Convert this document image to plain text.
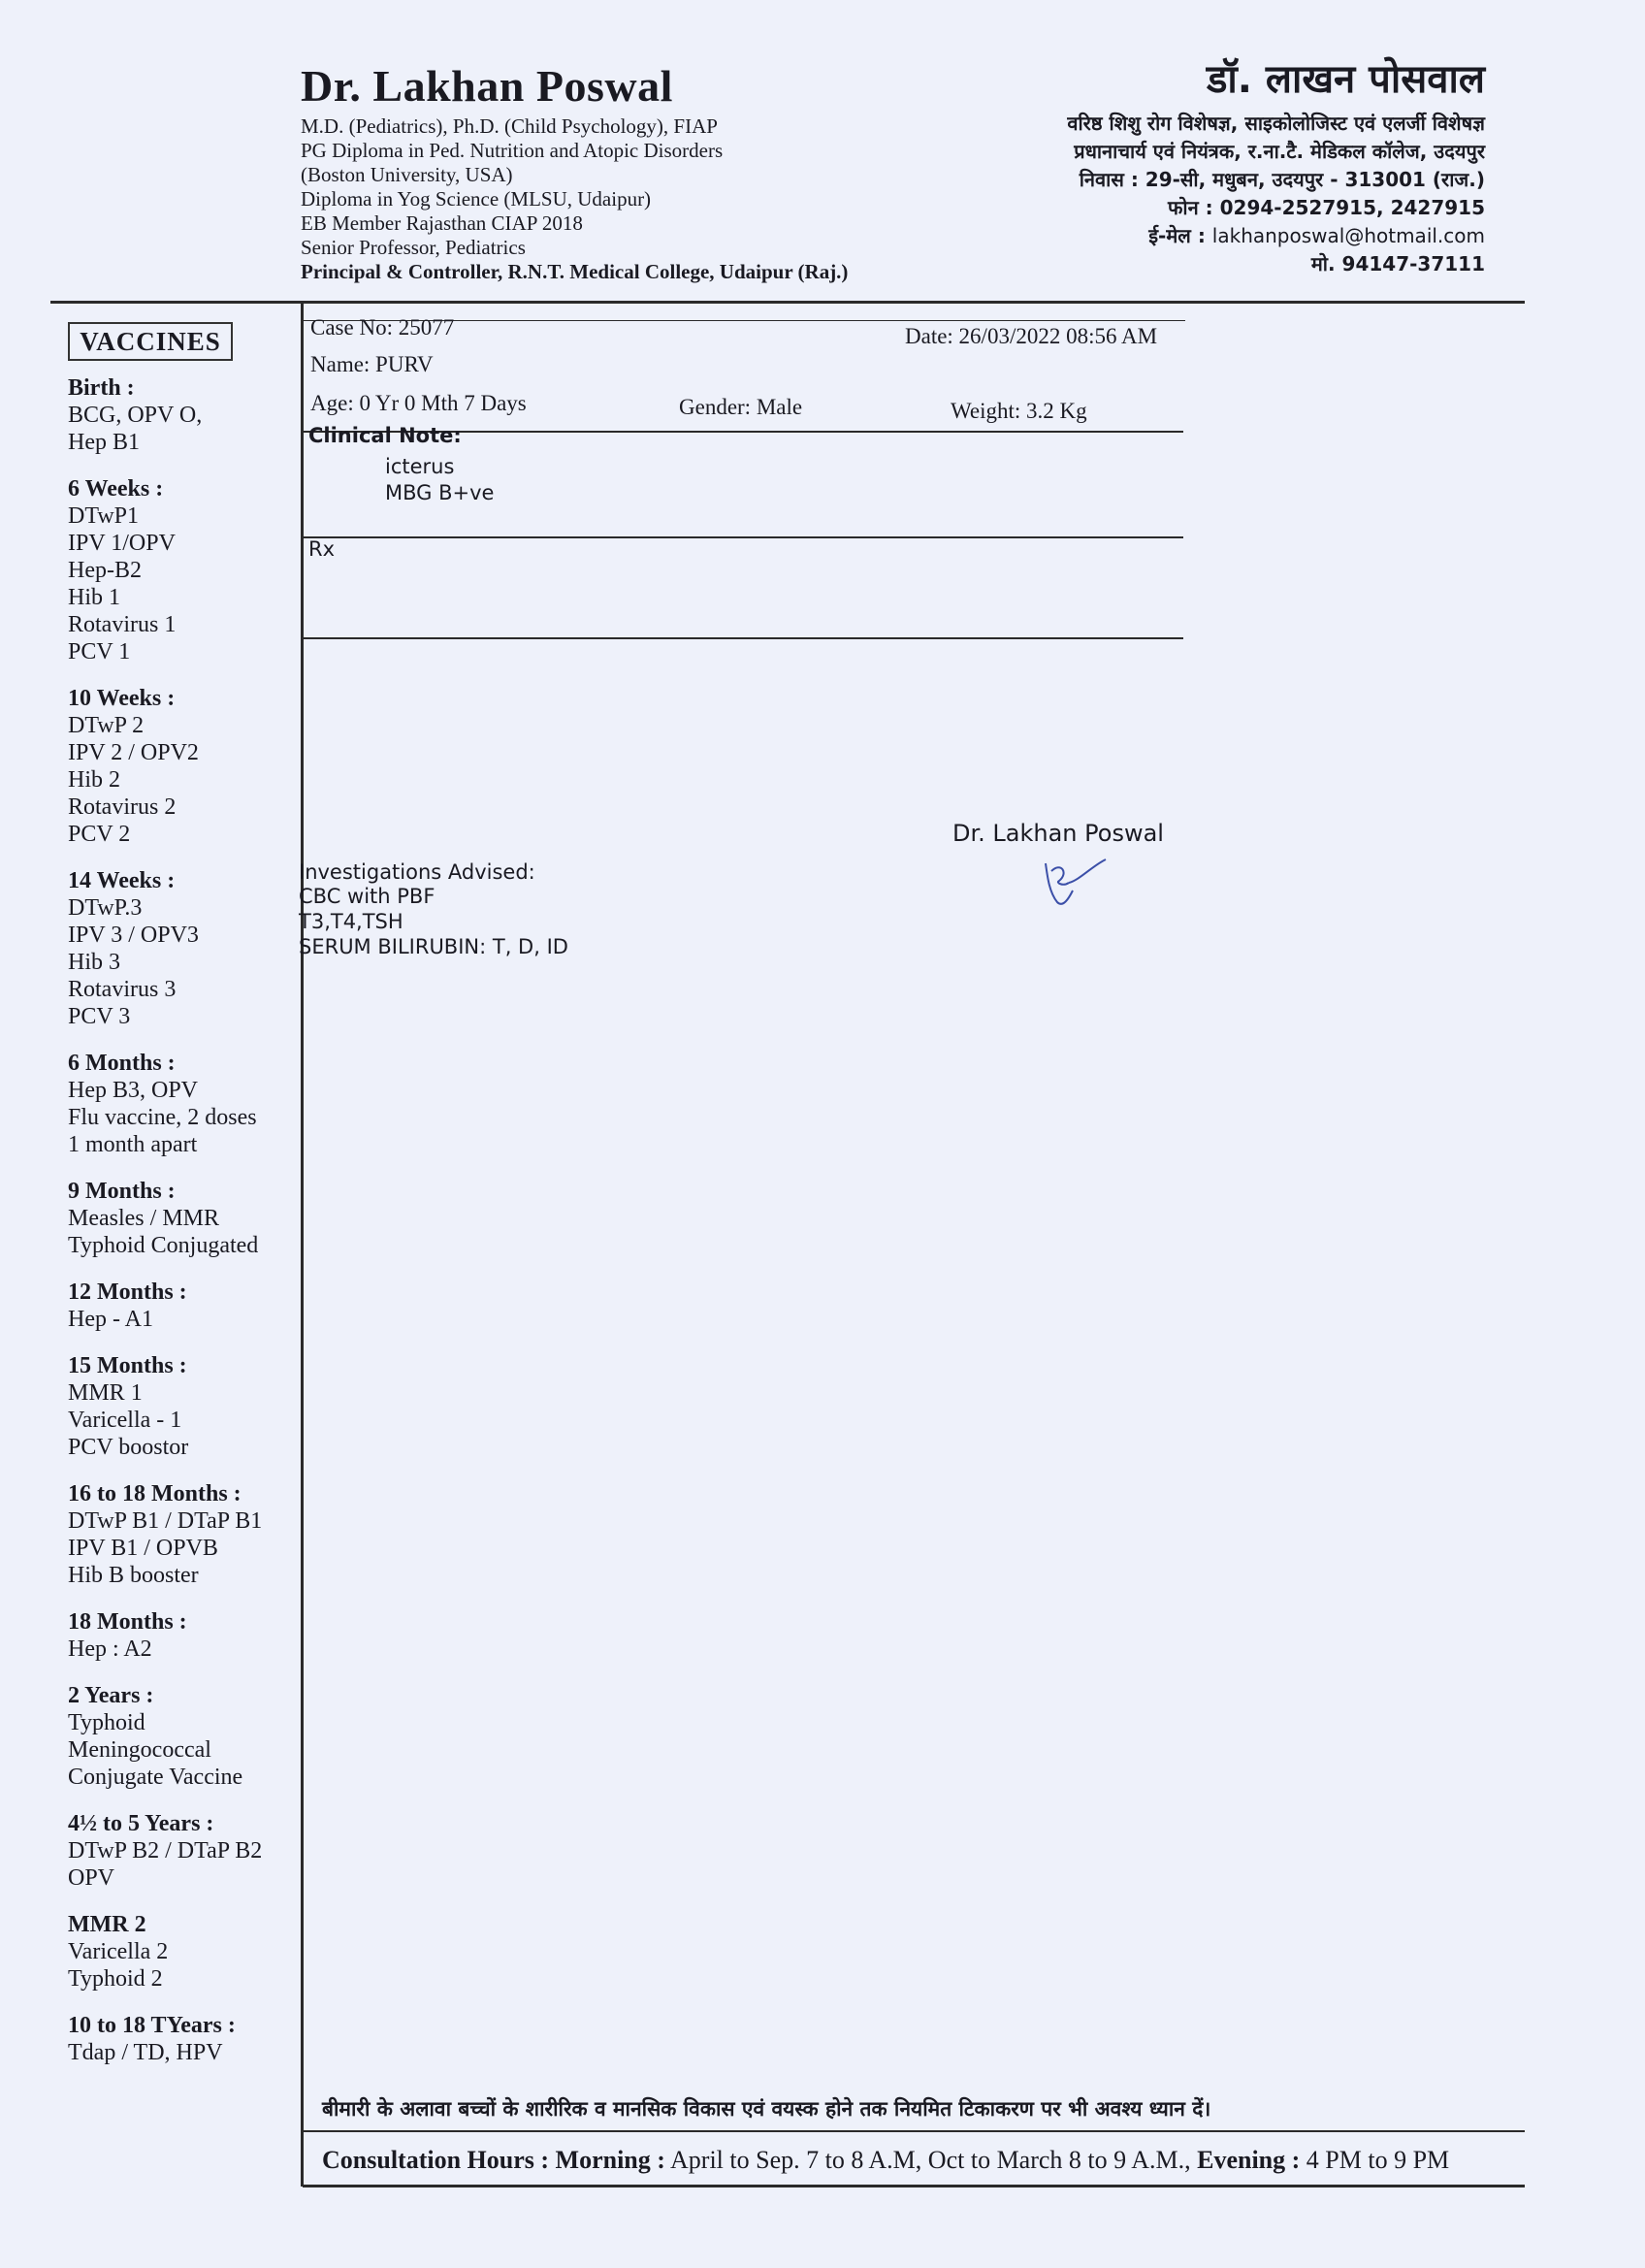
Dr. Lakhan Poswal
M.D. (Pediatrics), Ph.D. (Child Psychology), FIAP
PG Diploma in Ped. Nutrition and Atopic Disorders
(Boston University, USA)
Diploma in Yog Science (MLSU, Udaipur)
EB Member Rajasthan CIAP 2018
Senior Professor, Pediatrics
Principal & Controller, R.N.T. Medical College, Udaipur (Raj.)
डॉ. लाखन पोसवाल
वरिष्ठ शिशु रोग विशेषज्ञ, साइकोलोजिस्ट एवं एलर्जी विशेषज्ञ
प्रधानाचार्य एवं नियंत्रक, र.ना.टै. मेडिकल कॉलेज, उदयपुर
निवास : 29-सी, मधुबन, उदयपुर - 313001 (राज.)
फोन : 0294-2527915, 2427915
ई-मेल : lakhanposwal@hotmail.com
मो. 94147-37111
VACCINES
Birth :
BCG, OPV O,
Hep B1
6 Weeks :
DTwP1
IPV 1/OPV
Hep-B2
Hib 1
Rotavirus 1
PCV 1
10 Weeks :
DTwP 2
IPV 2 / OPV2
Hib 2
Rotavirus 2
PCV 2
14 Weeks :
DTwP.3
IPV 3 / OPV3
Hib 3
Rotavirus 3
PCV 3
6 Months :
Hep B3, OPV
Flu vaccine, 2 doses
1 month apart
9 Months :
Measles / MMR
Typhoid Conjugated
12 Months :
Hep - A1
15 Months :
MMR 1
Varicella - 1
PCV boostor
16 to 18 Months :
DTwP B1 / DTaP B1
IPV B1 / OPVB
Hib B booster
18 Months :
Hep : A2
2 Years :
Typhoid
Meningococcal
Conjugate Vaccine
4½ to 5 Years :
DTwP B2 / DTaP B2
OPV
MMR 2
Varicella 2
Typhoid 2
10 to 18 TYears :
Tdap / TD, HPV
Case No: 25077	Date: 26/03/2022 08:56 AM
Name: PURV
Age: 0 Yr 0 Mth 7 Days	Gender: Male	Weight: 3.2 Kg
Clinical Note:
icterus
MBG B+ve
Rx
Dr. Lakhan Poswal
Investigations Advised:
CBC with PBF
T3,T4,TSH
SERUM BILIRUBIN: T, D, ID
बीमारी के अलावा बच्चों के शारीरिक व मानसिक विकास एवं वयस्क होने तक नियमित टिकाकरण पर भी अवश्य ध्यान दें।
Consultation Hours : Morning : April to Sep. 7 to 8 A.M, Oct to March 8 to 9 A.M., Evening : 4 PM to 9 PM
